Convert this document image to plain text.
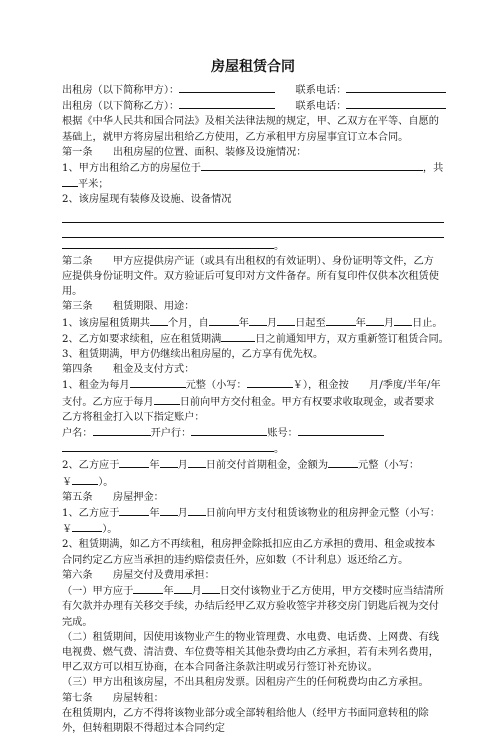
房屋租赁合同
出租房（以下简称甲方）：　　	联系电话：
出租房（以下简称乙方）：　　	联系电话：
根据《中华人民共和国合同法》及相关法律法规的规定，甲、乙双方在平等、自愿的基础上，就甲方将房屋出租给乙方使用，乙方承租甲方房屋事宜订立本合同。
第一条　　出租房屋的位置、面积、装修及设施情况：
1、甲方出租给乙方的房屋位于	，共
平米；
2、该房屋现有装修及设施、设备情况
。
第二条　　甲方应提供房产证（或具有出租权的有效证明）、身份证明等文件，乙方应提供身份证明文件。双方验证后可复印对方文件备存。所有复印件仅供本次租赁使用。
第三条　　租赁期限、用途：
1、该房屋租赁期共 个月，自	年 月 日起至	年 月 日止。
2、乙方如要求续租，应在租赁期满	日之前通知甲方，双方重新签订租赁合同。
3、租赁期满，甲方仍继续出租房屋的，乙方享有优先权。
第四条　　租金及支付方式：
1、租金为每月	元整（小写：	￥），租金按　　月/季度/半年/年　支付。乙方应于每月	日前向甲方交付租金。甲方有权要求收取现金，或者要求乙方将租金打入以下指定账户：
户名：	开户行：	账号：
。
2、乙方应于	年 月 日前交付首期租金，金额为	元整（小写：
￥	）。
第五条　　房屋押金：
1、乙方应于	年 月 日前向甲方支付租赁该物业的租房押金元整（小写：
￥	）。
2、租赁期满，如乙方不再续租，租房押金除抵扣应由乙方承担的费用、租金或按本合同约定乙方应当承担的违约赔偿责任外，应如数（不计利息）返还给乙方。
第六条　　房屋交付及费用承担：
（一）甲方应于	年 月 日交付该物业于乙方使用，甲方交楼时应当结清所有欠款并办理有关移交手续，办结后经甲乙双方验收签字并移交房门钥匙后视为交付完成。
（二）租赁期间，因使用该物业产生的物业管理费、水电费、电话费、上网费、有线电视费、燃气费、清洁费、车位费等相关其他杂费均由乙方承担，若有未列名费用，甲乙双方可以相互协商，在本合同备注条款注明或另行签订补充协议。
（三）甲方出租该房屋，不出具租房发票。因租房产生的任何税费均由乙方承担。
第七条　　房屋转租：
在租赁期内，乙方不得将该物业部分或全部转租给他人（经甲方书面同意转租的除外，但转租期限不得超过本合同约定
